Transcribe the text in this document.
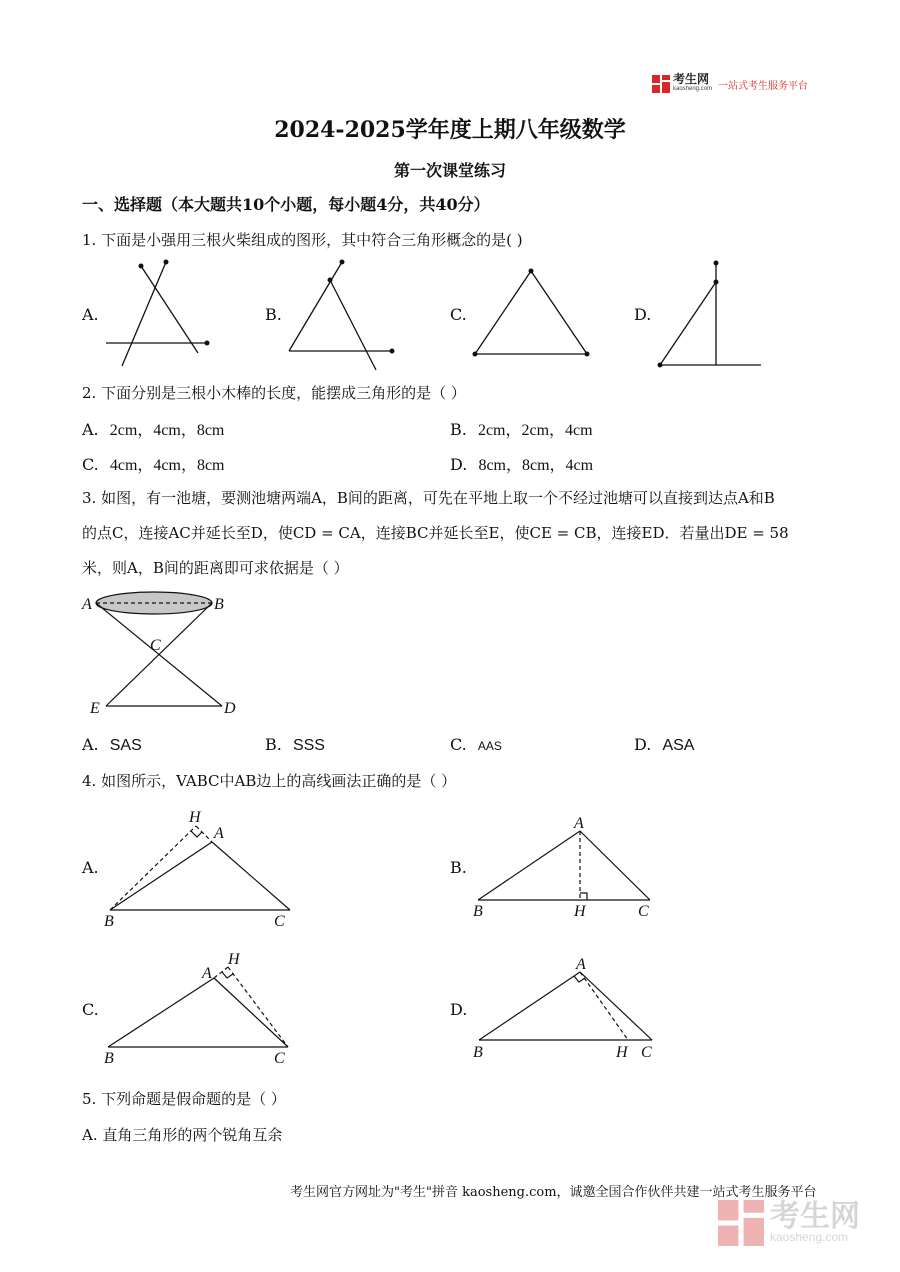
考生网
kaosheng.com 一站式考生服务平台
2024-2025学年度上期八年级数学
第一次课堂练习
一、选择题（本大题共10个小题，每小题4分，共40分）
1. 下面是小强用三根火柴组成的图形，其中符合三角形概念的是( )
A.	B.	C.	D.
2. 下面分别是三根小木棒的长度，能摆成三角形的是（ ）
A. 2cm，4cm，8cm	B. 2cm，2cm，4cm
C. 4cm，4cm，8cm	D. 8cm，8cm，4cm
3. 如图，有一池塘，要测池塘两端A，B间的距离，可先在平地上取一个不经过池塘可以直接到达点A和B
的点C，连接AC并延长至D，使CD = CA，连接BC并延长至E，使CE = CB，连接ED．若量出DE = 58
米，则A，B间的距离即可求依据是（ ）
A	B
C
E	D
A. SAS	B. SSS	C. AAS	D. ASA
4. 如图所示，VABC中AB边上的高线画法正确的是（ ）
A.	B.
C.	D.
H
A
B	C
A
B	H	C
A
H
B	C
A
B	H C
5. 下列命题是假命题的是（ ）
A. 直角三角形的两个锐角互余
考生网官方网址为"考生"拼音 kaosheng.com，诚邀全国合作伙伴共建一站式考生服务平台
考生网
kaosheng.com
